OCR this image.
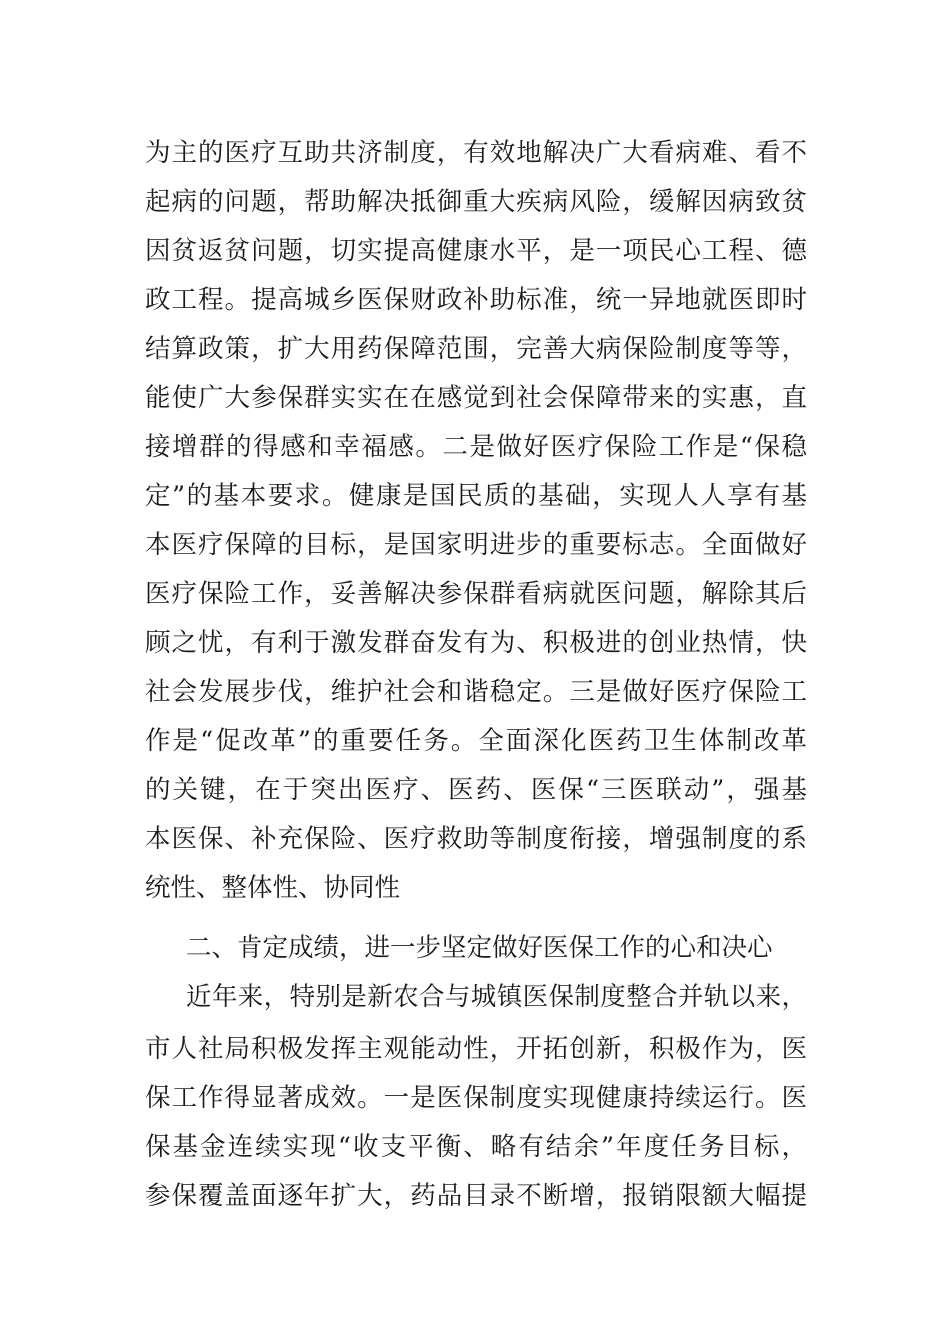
为主的医疗互助共济制度，有效地解决广大看病难、看不
起病的问题，帮助解决抵御重大疾病风险，缓解因病致贫
因贫返贫问题，切实提高健康水平，是一项民心工程、德
政工程。提高城乡医保财政补助标准，统一异地就医即时
结算政策，扩大用药保障范围，完善大病保险制度等等，
能使广大参保群实实在在感觉到社会保障带来的实惠，直
接增群的得感和幸福感。二是做好医疗保险工作是“保稳
定”的基本要求。健康是国民质的基础，实现人人享有基
本医疗保障的目标，是国家明进步的重要标志。全面做好
医疗保险工作，妥善解决参保群看病就医问题，解除其后
顾之忧，有利于激发群奋发有为、积极进的创业热情，快
社会发展步伐，维护社会和谐稳定。三是做好医疗保险工
作是“促改革”的重要任务。全面深化医药卫生体制改革
的关键，在于突出医疗、医药、医保“三医联动”，强基
本医保、补充保险、医疗救助等制度衔接，增强制度的系
统性、整体性、协同性
二、肯定成绩，进一步坚定做好医保工作的心和决心
近年来，特别是新农合与城镇医保制度整合并轨以来，
市人社局积极发挥主观能动性，开拓创新，积极作为，医
保工作得显著成效。一是医保制度实现健康持续运行。医
保基金连续实现“收支平衡、略有结余”年度任务目标，
参保覆盖面逐年扩大，药品目录不断增，报销限额大幅提
